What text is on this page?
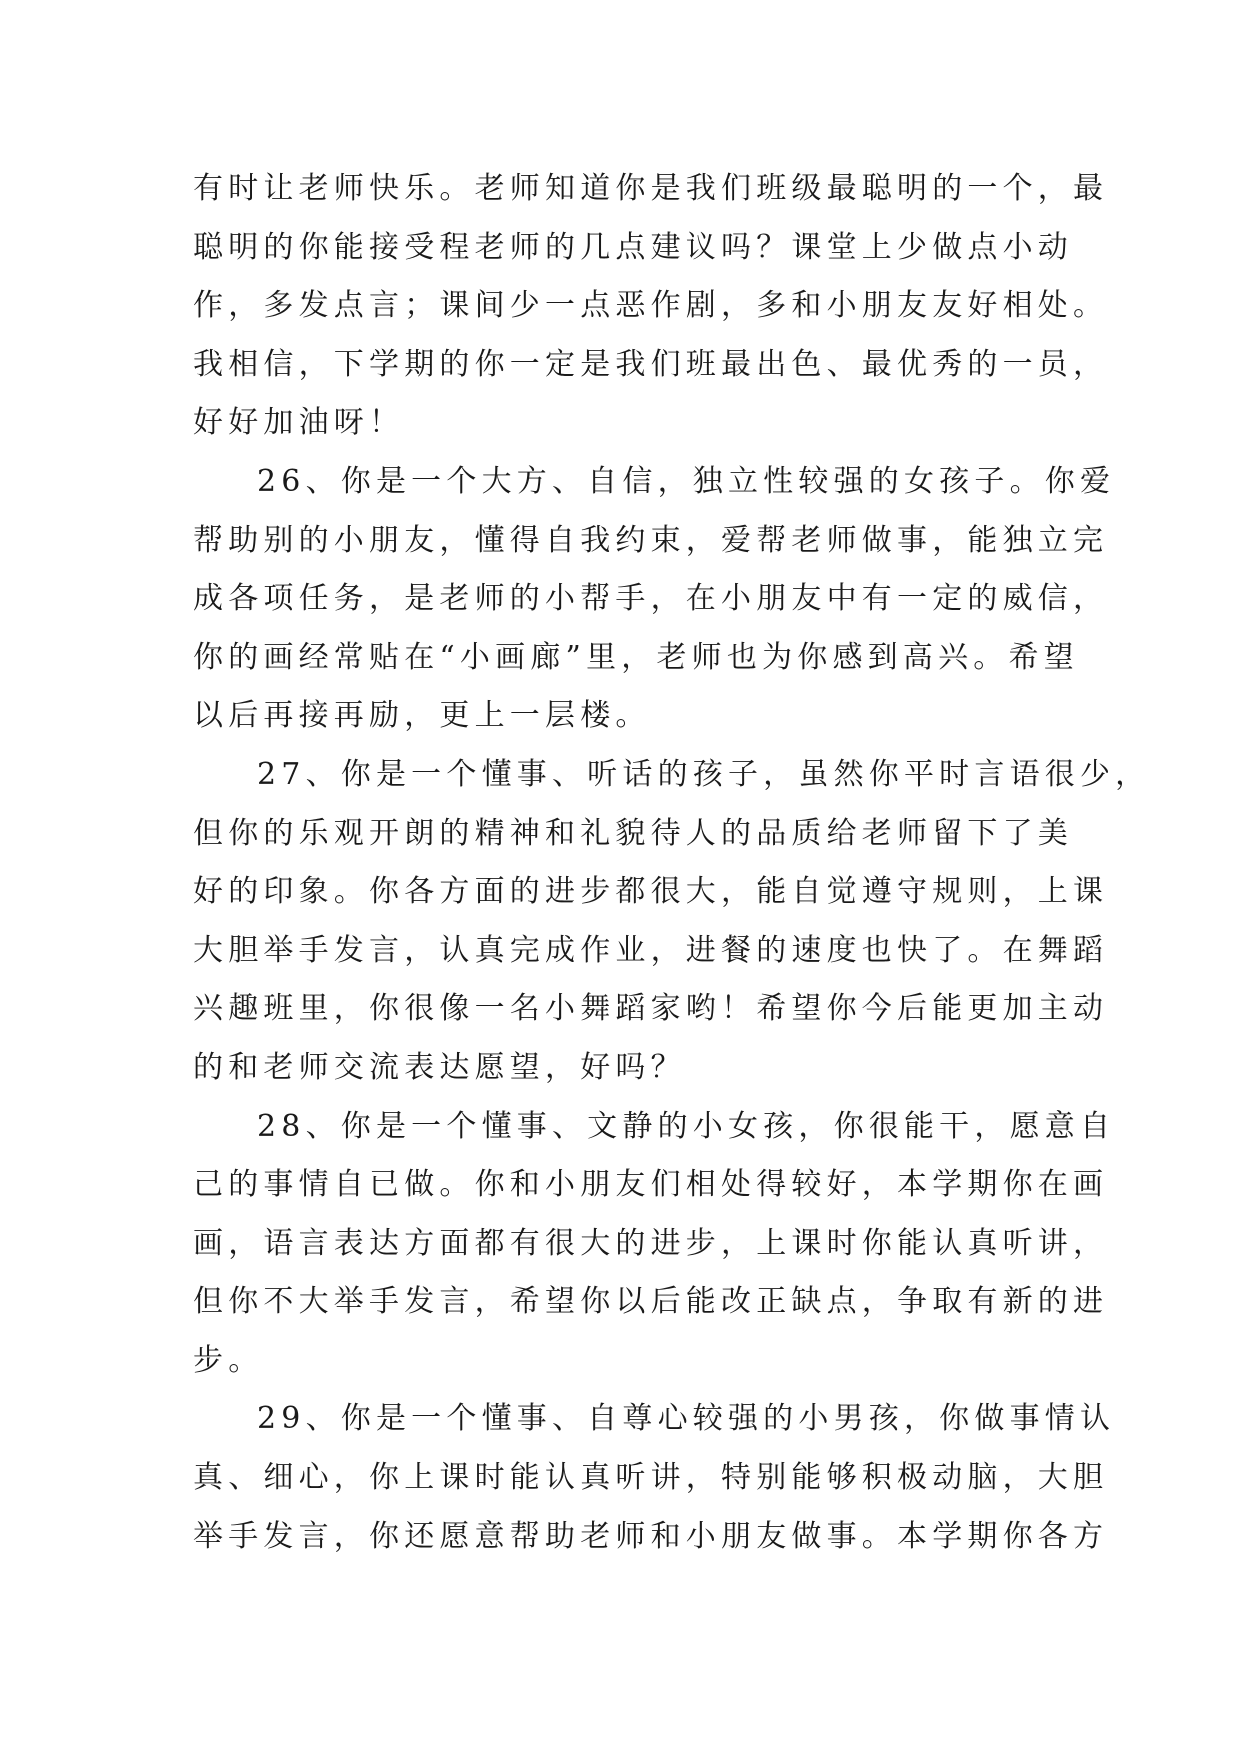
有时让老师快乐。老师知道你是我们班级最聪明的一个，最
聪明的你能接受程老师的几点建议吗？课堂上少做点小动
作，多发点言；课间少一点恶作剧，多和小朋友友好相处。
我相信，下学期的你一定是我们班最出色、最优秀的一员，
好好加油呀！
26、你是一个大方、自信，独立性较强的女孩子。你爱
帮助别的小朋友，懂得自我约束，爱帮老师做事，能独立完
成各项任务，是老师的小帮手，在小朋友中有一定的威信，
你的画经常贴在“小画廊”里，老师也为你感到高兴。希望
以后再接再励，更上一层楼。
27、你是一个懂事、听话的孩子，虽然你平时言语很少，
但你的乐观开朗的精神和礼貌待人的品质给老师留下了美
好的印象。你各方面的进步都很大，能自觉遵守规则，上课
大胆举手发言，认真完成作业，进餐的速度也快了。在舞蹈
兴趣班里，你很像一名小舞蹈家哟！希望你今后能更加主动
的和老师交流表达愿望，好吗？
28、你是一个懂事、文静的小女孩，你很能干，愿意自
己的事情自已做。你和小朋友们相处得较好，本学期你在画
画，语言表达方面都有很大的进步，上课时你能认真听讲，
但你不大举手发言，希望你以后能改正缺点，争取有新的进
步。
29、你是一个懂事、自尊心较强的小男孩，你做事情认
真、细心，你上课时能认真听讲，特别能够积极动脑，大胆
举手发言，你还愿意帮助老师和小朋友做事。本学期你各方
